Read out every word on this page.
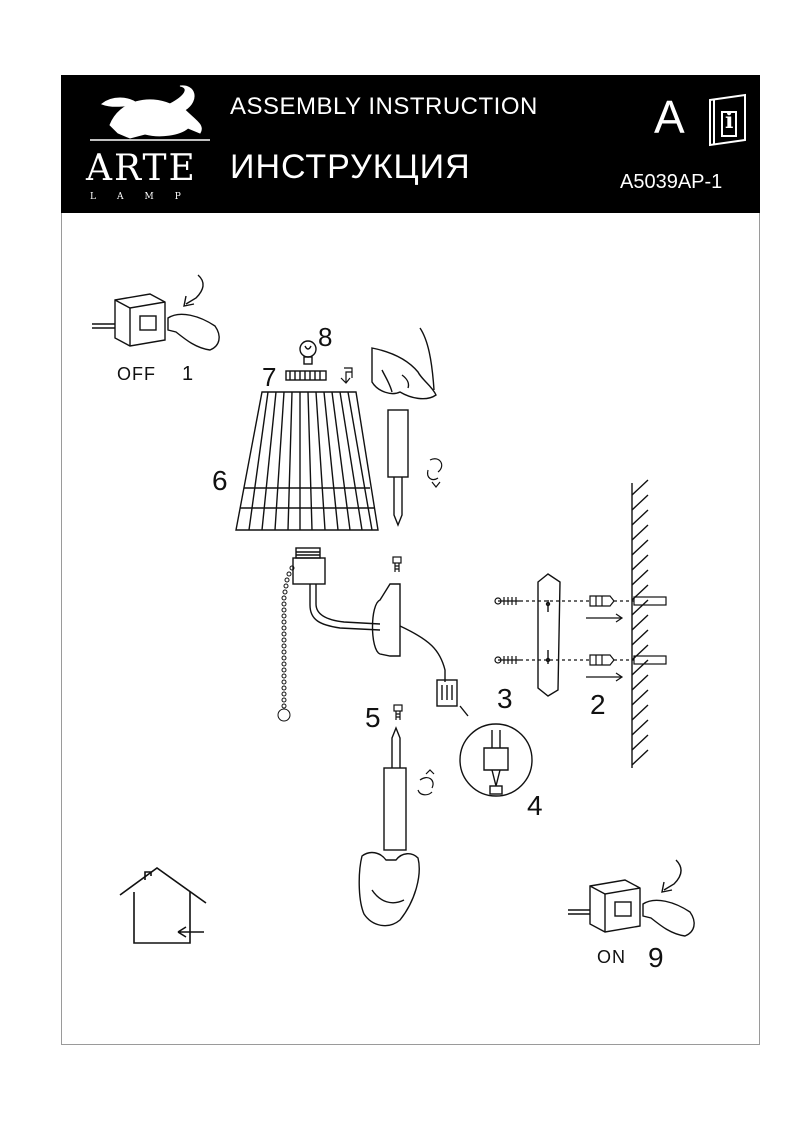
ARTE
LAMP
ASSEMBLY INSTRUCTION
ИНСТРУКЦИЯ
A i
A5039AP-1
OFF 1
8
7
6
3	2
5
4
ON 9
